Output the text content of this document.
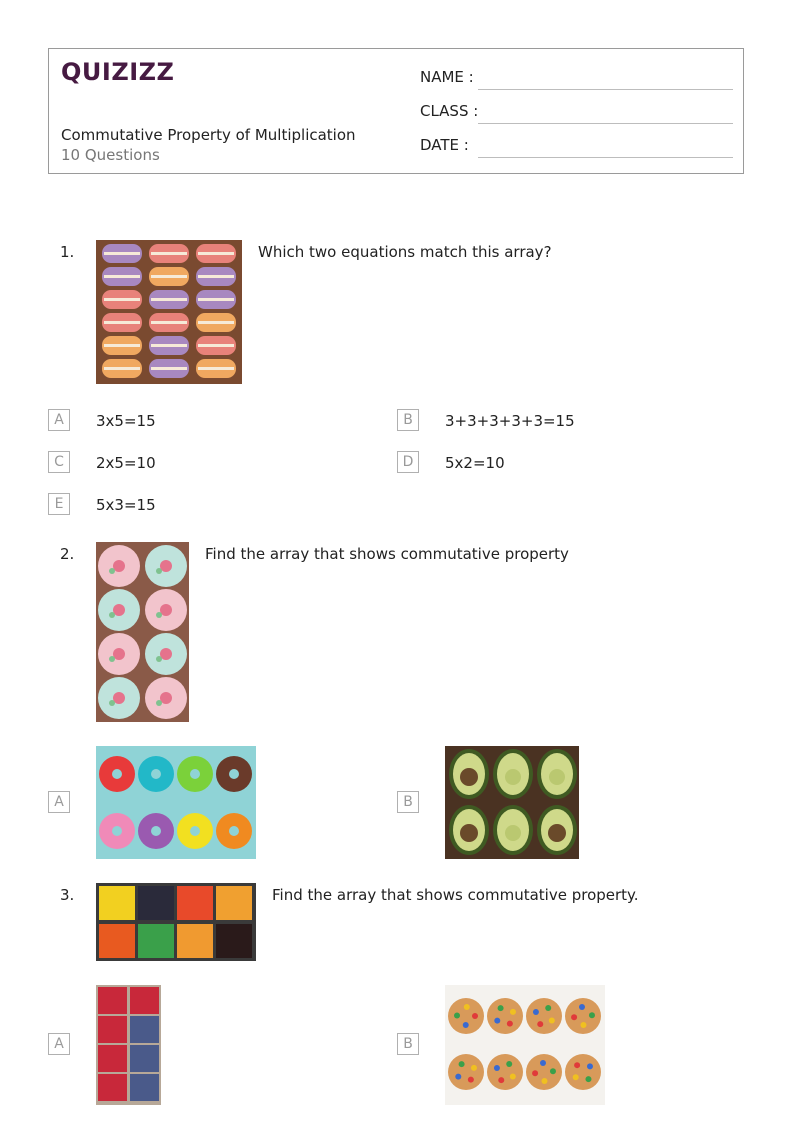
QUIZIZZ
Commutative Property of Multiplication
10 Questions
NAME :
CLASS :
DATE :
1.	Which two equations match this array?
A	3x5=15	B	3+3+3+3+3=15
C	2x5=10	D	5x2=10
E	5x3=15
2.	Find the array that shows commutative property
A	B
3.	Find the array that shows commutative property.
A	B
